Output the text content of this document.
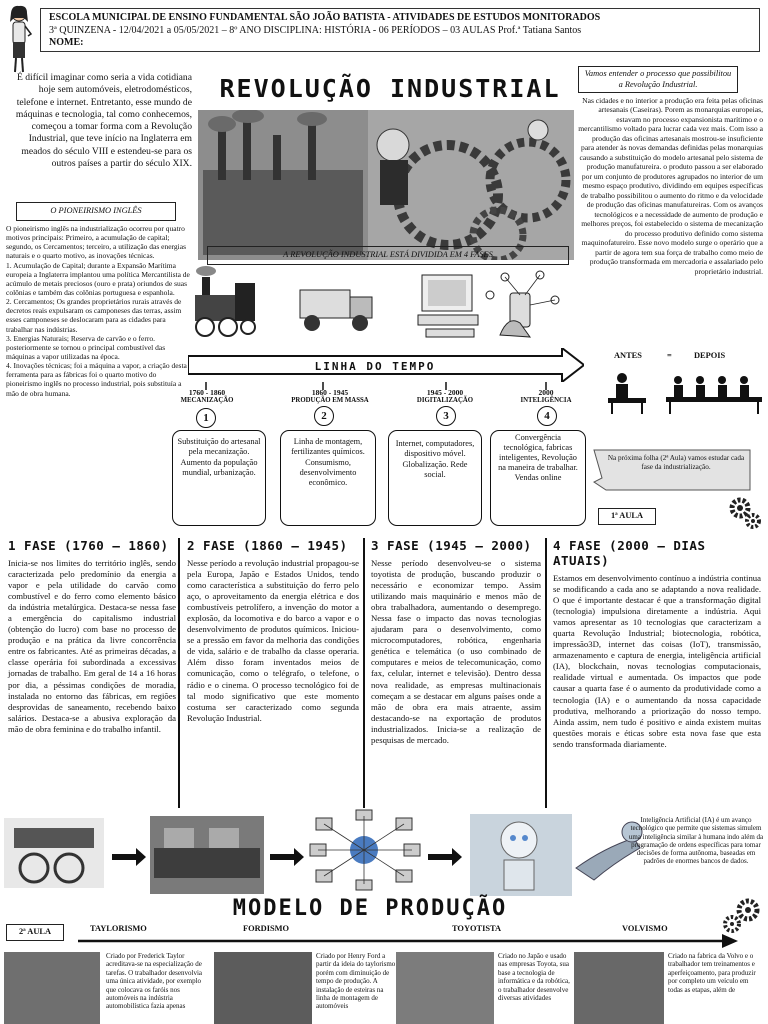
ESCOLA MUNICIPAL DE ENSINO FUNDAMENTAL SÃO JOÃO BATISTA - ATIVIDADES DE ESTUDOS MONITORADOS
3ª QUINZENA - 12/04/2021 a 05/05/2021 – 8º ANO DISCIPLINA: HISTÓRIA - 06 PERÍODOS – 03 AULAS Prof.ª Tatiana Santos
NOME:
É difícil imaginar como seria a vida cotidiana hoje sem automóveis, eletrodomésticos, telefone e internet. Entretanto, esse mundo de máquinas e tecnologia, tal como conhecemos, começou a tomar forma com a Revolução Industrial, que teve início na Inglaterra em meados do século VIII e estendeu-se para os outros países a partir do século XIX.
REVOLUÇÃO INDUSTRIAL
Vamos entender o processo que possibilitou a Revolução Industrial.
Nas cidades e no interior a produção era feita pelas oficinas artesanais (Caseiras). Porem as monarquias europeias, estavam no processo expansionista marítimo e o mercantilismo voltado para lucrar cada vez mais. Com isso a produção das oficinas artesanais mostrou-se insuficiente para atender às novas demandas definidas pelas monarquias causando a substituição do modelo artesanal pelo sistema de produção manufatureira. o produto passou a ser elaborado por um conjunto de produtores agrupados no interior de um mesmo espaço produtivo, dividindo em equipes específicas de trabalho possibilitou o aumento do ritmo e da velocidade de produção das oficinas manufatureiras. Com os avanços tecnológicos e a necessidade de aumento de produção e melhores preços, foi estabelecido o sistema de mecanização do processo produtivo definido como sistema maquinofatureiro. Esse novo modelo surge o operário que a partir de agora tem sua força de trabalho como meio de produção transformada em mercadoria e assalariado pelo proprietário industrial.
O PIONEIRISMO INGLÊS
O pioneirismo inglês na industrialização ocorreu por quatro motivos principais: Primeiro, a acumulação de capital; segundo, os Cercamentos; terceiro, a utilização das energias naturais e o quarto motivo, as inovações técnicas.
1. Acumulação de Capital; durante a Expansão Marítima europeia a Inglaterra implantou uma política Mercantilista de acúmulo de metais preciosos (ouro e prata) oriundos de suas colônias e também das colônias portuguesa e espanhola.
2. Cercamentos; Os grandes proprietários rurais através de decretos reais expulsaram os camponeses das terras, assim esses camponeses se deslocaram para as cidades para trabalhar nas indústrias.
3. Energias Naturais; Reserva de carvão e o ferro. posteriormente se tornou o principal combustível das máquinas a vapor utilizadas na época.
4. Inovações técnicas; foi a máquina a vapor, a criação desta ferramenta para as fábricas foi o quarto motivo do pioneirismo inglês no processo industrial, pois substituía a mão de obra humana.
A REVOLUÇÃO INDUSTRIAL ESTÁ DIVIDIDA EM 4 FASES
LINHA DO TEMPO
1760 - 1860
MECANIZAÇÃO
1
Substituição do artesanal pela mecanização. Aumento da população mundial, urbanização.
1860 - 1945
PRODUÇÃO EM MASSA
2
Linha de montagem, fertilizantes químicos. Consumismo, desenvolvimento econômico.
1945 - 2000
DIGITALIZAÇÃO
3
Internet, computadores, dispositivo móvel. Globalização. Rede social.
2000
INTELIGÊNCIA
4
Convergência tecnológica, fabricas inteligentes, Revolução na maneira de trabalhar. Vendas online
ANTES	=	DEPOIS
Na próxima folha (2ª Aula) vamos estudar cada fase da industrialização.
1ª AULA
1 FASE (1760 – 1860)
Inicia-se nos limites do território inglês, sendo caracterizada pelo predomínio da energia a vapor e pela utilidade do carvão como combustível e do ferro como elemento básico da indústria metalúrgica. Destaca-se nessa fase a emergência do capitalismo industrial (obtenção do lucro) com base no processo de produção e na prática da livre concorrência entre os fabricantes. Até as primeiras décadas, a classe operária foi subordinada a excessivas jornadas de trabalho. Em geral de 14 a 16 horas por dia, a péssimas condições de moradia, instalada no entorno das fábricas, em regiões desprovidas de saneamento, recebendo baixo salários. Destaca-se a abusiva exploração da mão de obra feminina e do trabalho infantil.
2 FASE (1860 – 1945)
Nesse período a revolução industrial propagou-se pela Europa, Japão e Estados Unidos, tendo como característica a substituição do ferro pelo aço, o aproveitamento da energia elétrica e dos combustíveis petrolífero, a invenção do motor a explosão, da locomotiva e do barco a vapor e o desenvolvimento de produtos químicos. Iniciou-se a pressão em favor da melhoria das condições de vida, salário e de trabalho da classe operaria. Além disso foram inventados meios de comunicação, como o telégrafo, o telefone, o rádio e o cinema. O processo tecnológico foi de tal modo significativo que este momento costuma ser caracterizado como segunda Revolução Industrial.
3 FASE (1945 – 2000)
Nesse período desenvolveu-se o sistema toyotista de produção, buscando produzir o necessário e economizar tempo. Assim utilizando mais maquinário e menos mão de obra trabalhadora, aumentando o desemprego. Nessa fase o impacto das novas tecnologias ajudaram para o desenvolvimento, como microcomputadores, robótica, engenharia genética e telemática (o uso combinado de computares e meios de telecomunicação, como fax, celular, internet e televisão). Dentro dessa nova realidade, as empresas multinacionais começam a se destacar em alguns países onde a mão de obra era mais atraente, assim destacando-se na exportação de produtos industrializados. Inicia-se a realização de pesquisas de mercado.
4 FASE (2000 – DIAS ATUAIS)
Estamos em desenvolvimento contínuo a indústria continua se modificando a cada ano se adaptando a nova realidade. O que é importante destacar é que a transformação digital (tecnologia) impulsiona diretamente a indústria. Aqui vamos apresentar as 10 tecnologias que caracterizam a quarta Revolução Industrial; biotecnologia, robótica, impressão3D, internet das coisas (IoT), transmissão, armazenamento e captura de energia, inteligência artificial (IA), blockchain, novas tecnologias computacionais, realidade virtual e aumentada. Os impactos que pode causar a quarta fase é o aumento da produtividade como a tecnologia (IA) e o aumentando da nossa capacidade produtiva, melhorando a priorização do nosso tempo. Ainda assim, nem tudo é positivo e ainda existem muitas questões morais e éticas sobre esta nova fase que esta sendo transformada diariamente.
Inteligência Artificial (IA) é um avanço tecnológico que permite que sistemas simulem uma inteligência similar à humana indo além da programação de ordens específicas para tomar decisões de forma autônoma, baseadas em padrões de enormes bancos de dados.
MODELO DE PRODUÇÃO
2ª AULA	TAYLORISMO	FORDISMO	TOYOTISTA	VOLVISMO
Criado por Frederick Taylor acreditava-se na especialização de tarefas. O trabalhador desenvolvia uma única atividade, por exemplo que colocava os faróis nos automóveis na indústria automobilística fazia apenas
Criado por Henry Ford a partir da ideia do taylorismo porém com diminuição de tempo de produção. A instalação de esteiras na linha de montagem de automóveis
Criado no Japão e usado nas empresas Toyota, sua base a tecnologia de informática e da robótica, o trabalhador desenvolve diversas atividades
Criado na fabrica da Volvo e o trabalhador tem treinamentos e aperfeiçoamento, para produzir por completo um veículo em todas as etapas, além de
